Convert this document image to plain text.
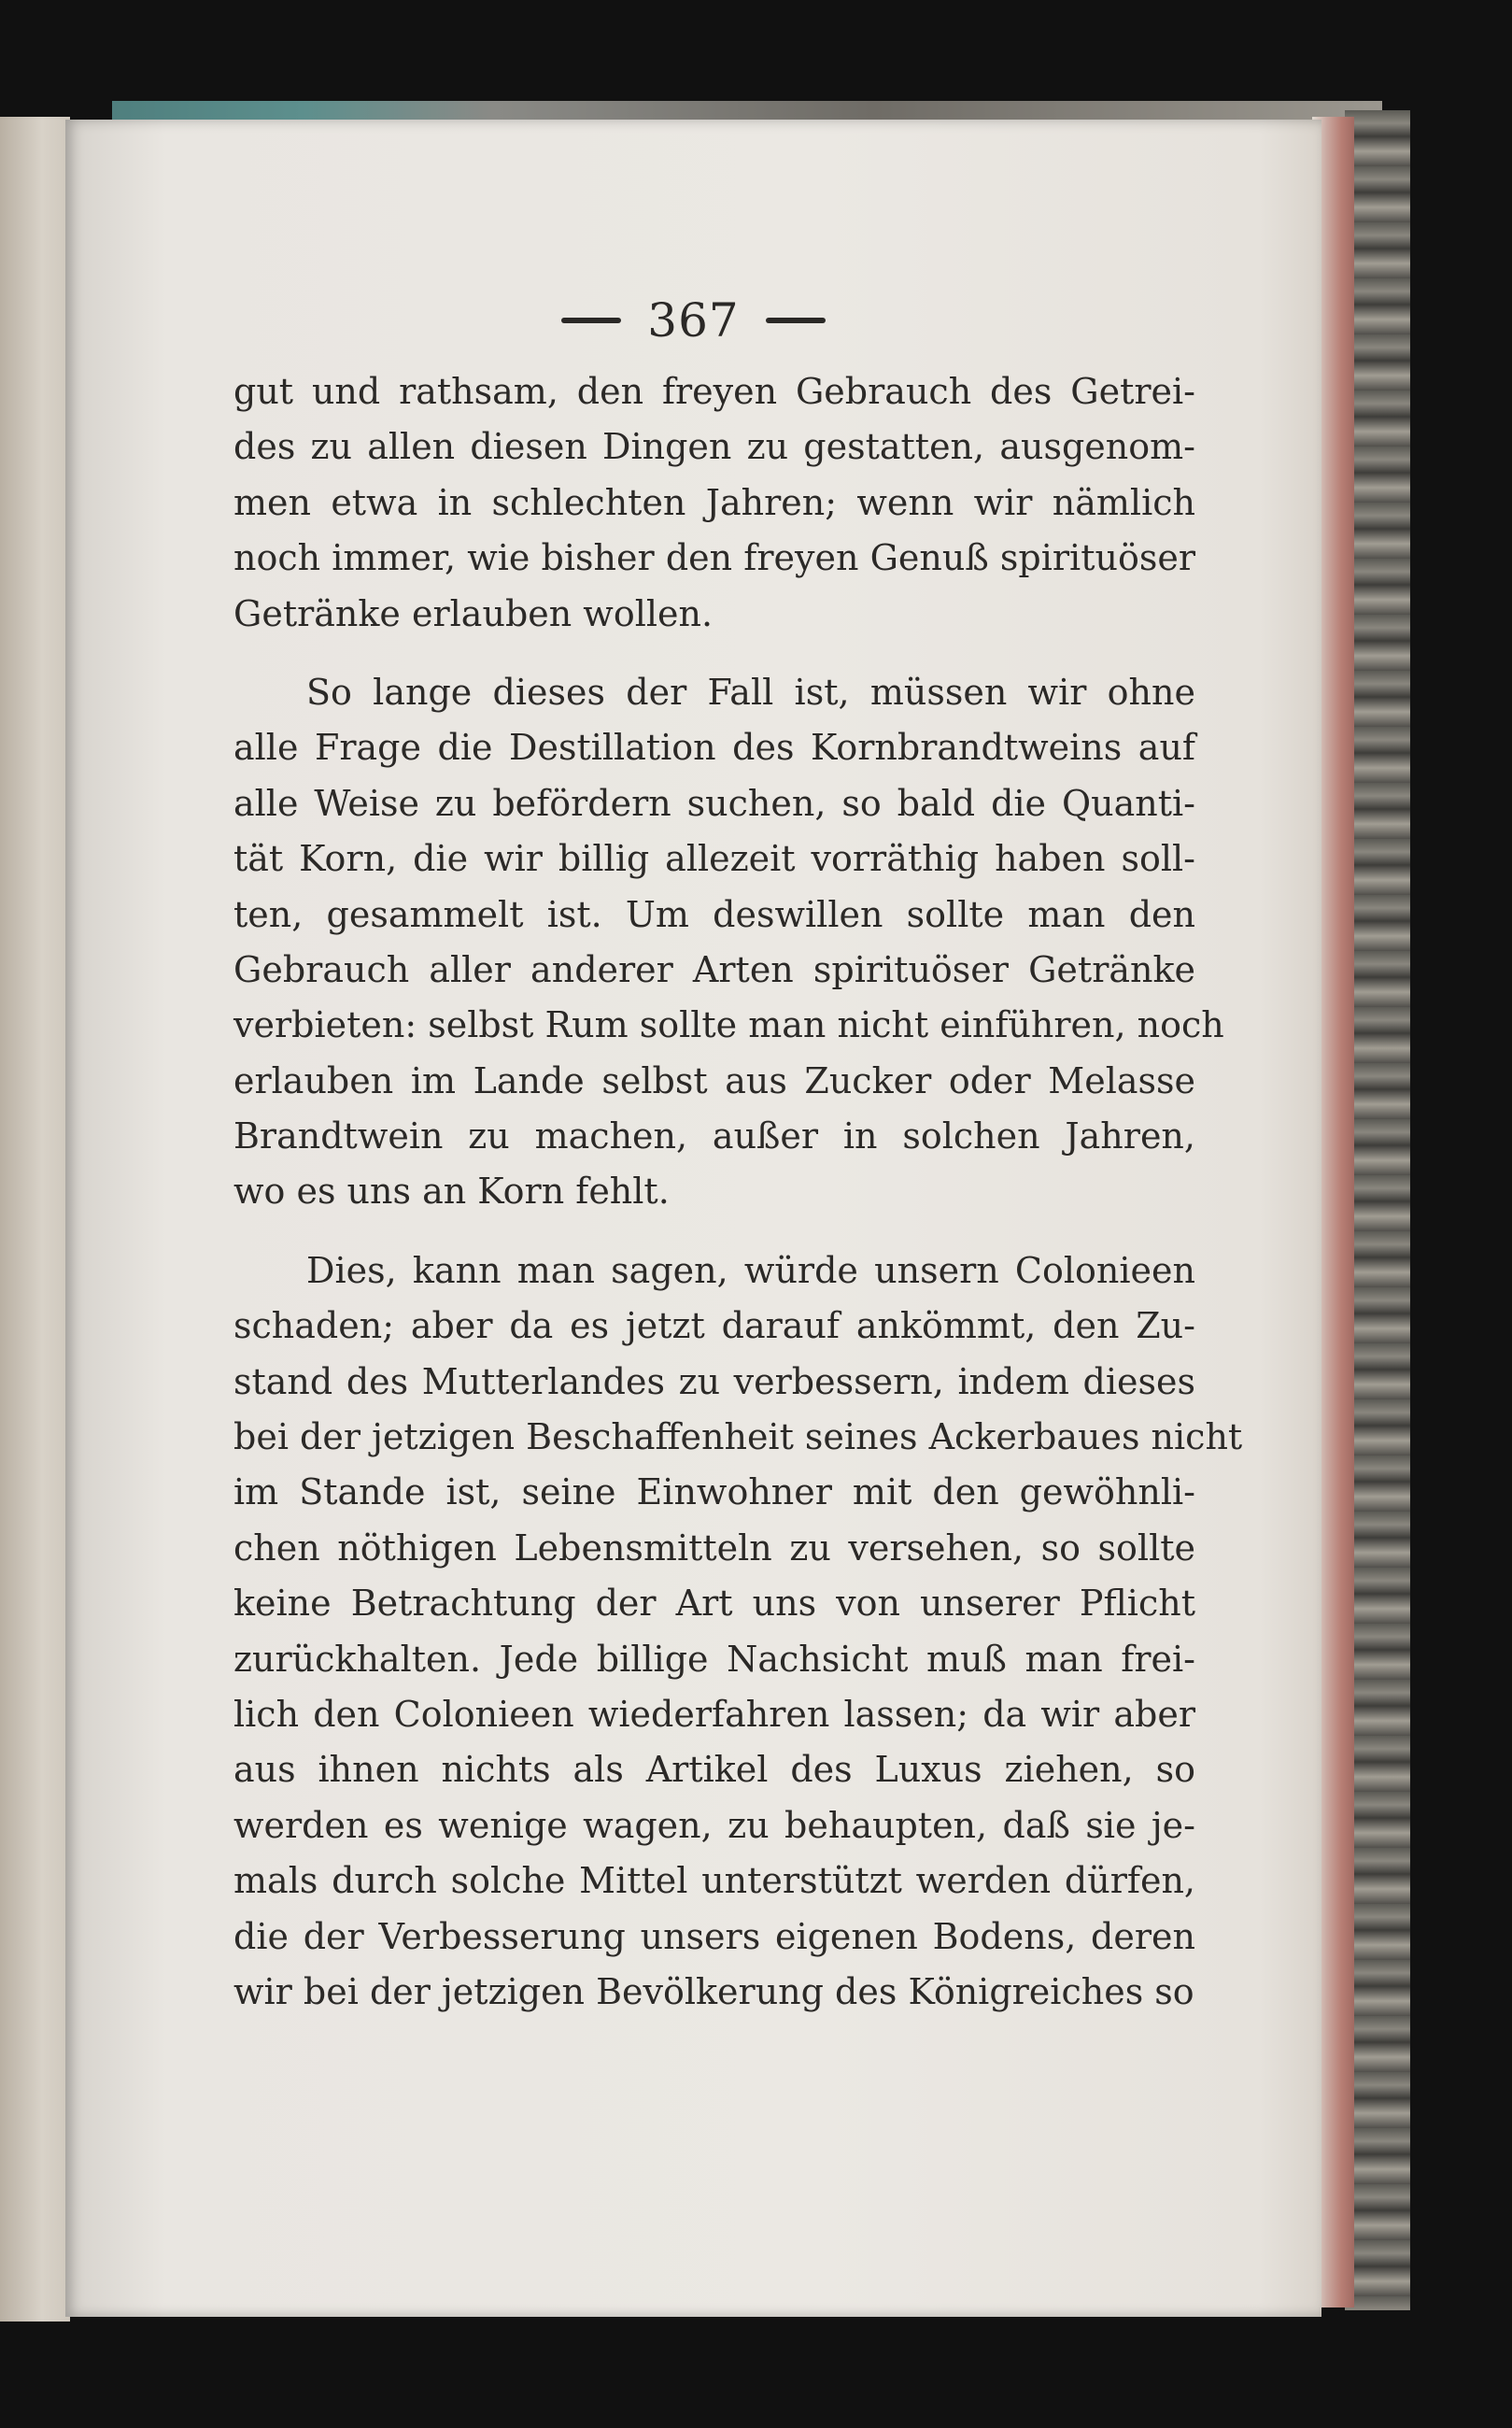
367
gut und rathsam, den freyen Gebrauch des Getrei-
des zu allen diesen Dingen zu gestatten, ausgenom-
men etwa in schlechten Jahren; wenn wir nämlich
noch immer, wie bisher den freyen Genuß spirituöser
Getränke erlauben wollen.
So lange dieses der Fall ist, müssen wir ohne
alle Frage die Destillation des Kornbrandtweins auf
alle Weise zu befördern suchen, so bald die Quanti-
tät Korn, die wir billig allezeit vorräthig haben soll-
ten, gesammelt ist. Um deswillen sollte man den
Gebrauch aller anderer Arten spirituöser Getränke
verbieten: selbst Rum sollte man nicht einführen, noch
erlauben im Lande selbst aus Zucker oder Melasse
Brandtwein zu machen, außer in solchen Jahren,
wo es uns an Korn fehlt.
Dies, kann man sagen, würde unsern Colonieen
schaden; aber da es jetzt darauf ankömmt, den Zu-
stand des Mutterlandes zu verbessern, indem dieses
bei der jetzigen Beschaffenheit seines Ackerbaues nicht
im Stande ist, seine Einwohner mit den gewöhnli-
chen nöthigen Lebensmitteln zu versehen, so sollte
keine Betrachtung der Art uns von unserer Pflicht
zurückhalten. Jede billige Nachsicht muß man frei-
lich den Colonieen wiederfahren lassen; da wir aber
aus ihnen nichts als Artikel des Luxus ziehen, so
werden es wenige wagen, zu behaupten, daß sie je-
mals durch solche Mittel unterstützt werden dürfen,
die der Verbesserung unsers eigenen Bodens, deren
wir bei der jetzigen Bevölkerung des Königreiches so
